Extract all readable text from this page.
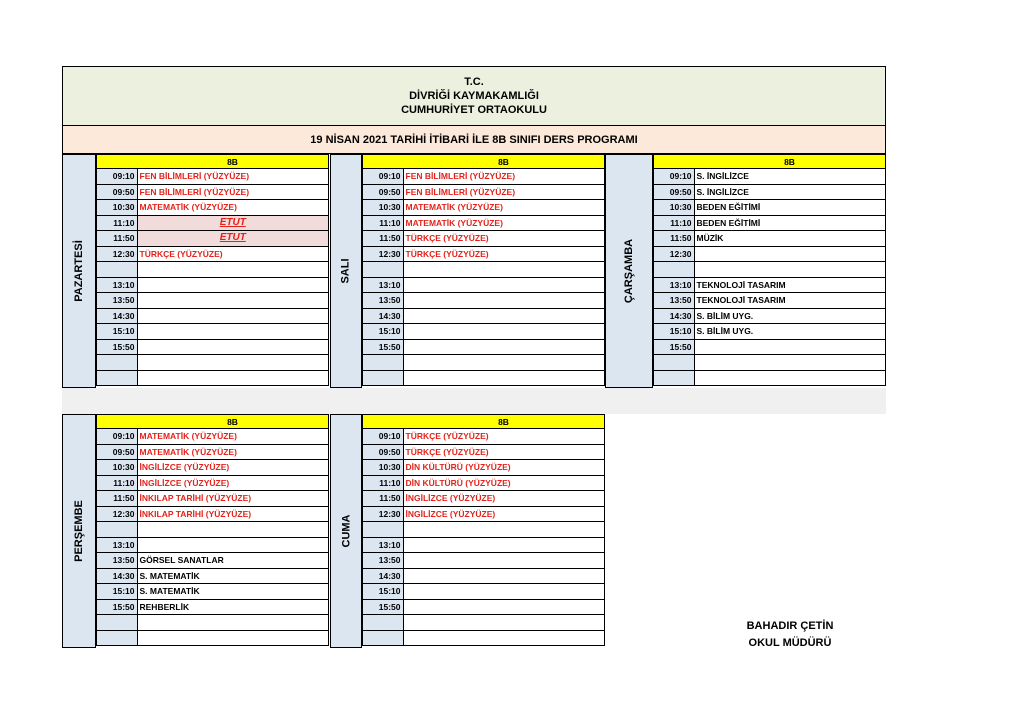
T.C.
DİVRİĞİ KAYMAKAMLIĞI
CUMHURİYET ORTAOKULU
19 NİSAN 2021 TARİHİ İTİBARİ İLE 8B SINIFI DERS PROGRAMI
PAZARTESİ
	8B
09:10	FEN BİLİMLERİ (YÜZYÜZE)
09:50	FEN BİLİMLERİ (YÜZYÜZE)
10:30	MATEMATİK (YÜZYÜZE)
11:10	ETUT
11:50	ETUT
12:30	TÜRKÇE (YÜZYÜZE)

13:10	
13:50	
14:30	
15:10	
15:50	

SALI
	8B
09:10	FEN BİLİMLERİ (YÜZYÜZE)
09:50	FEN BİLİMLERİ (YÜZYÜZE)
10:30	MATEMATİK (YÜZYÜZE)
11:10	MATEMATİK (YÜZYÜZE)
11:50	TÜRKÇE (YÜZYÜZE)
12:30	TÜRKÇE (YÜZYÜZE)

13:10	
13:50	
14:30	
15:10	
15:50	

ÇARŞAMBA
	8B
09:10	S. İNGİLİZCE
09:50	S. İNGİLİZCE
10:30	BEDEN EĞİTİMİ
11:10	BEDEN EĞİTİMİ
11:50	MÜZİK
12:30	

13:10	TEKNOLOJİ TASARIM
13:50	TEKNOLOJİ TASARIM
14:30	S. BİLİM UYG.
15:10	S. BİLİM UYG.
15:50	

PERŞEMBE
	8B
09:10	MATEMATİK (YÜZYÜZE)
09:50	MATEMATİK (YÜZYÜZE)
10:30	İNGİLİZCE (YÜZYÜZE)
11:10	İNGİLİZCE (YÜZYÜZE)
11:50	İNKILAP TARİHİ (YÜZYÜZE)
12:30	İNKILAP TARİHİ (YÜZYÜZE)

13:10	
13:50	GÖRSEL SANATLAR
14:30	S. MATEMATİK
15:10	S. MATEMATİK
15:50	REHBERLİK

CUMA
	8B
09:10	TÜRKÇE (YÜZYÜZE)
09:50	TÜRKÇE (YÜZYÜZE)
10:30	DİN KÜLTÜRÜ (YÜZYÜZE)
11:10	DİN KÜLTÜRÜ (YÜZYÜZE)
11:50	İNGİLİZCE (YÜZYÜZE)
12:30	İNGİLİZCE (YÜZYÜZE)

13:10	
13:50	
14:30	
15:10	
15:50	

BAHADIR ÇETİN
OKUL MÜDÜRÜ
